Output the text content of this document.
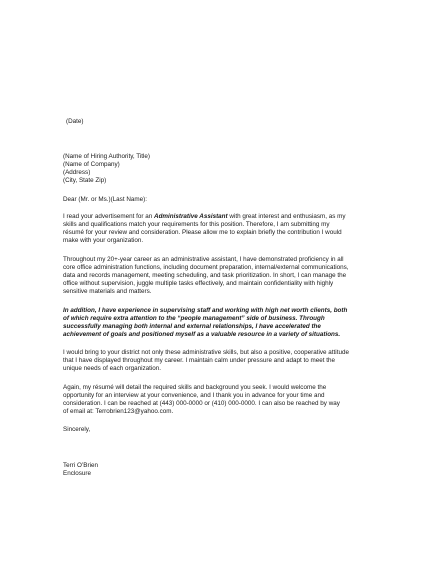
(Date)

(Name of Hiring Authority, Title)

(Name of Company)

(Address)

(City, State Zip)

Dear (Mr. or Ms.)(Last Name):

I read your advertisement for an Administrative Assistant with great interest and enthusiasm, as my

skills and qualifications match your requirements for this position. Therefore, I am submitting my

résumé for your review and consideration. Please allow me to explain briefly the contribution I would

make with your organization.

Throughout my 20+-year career as an administrative assistant, I have demonstrated proficiency in all

core office administration functions, including document preparation, internal/external communications,

data and records management, meeting scheduling, and task prioritization. In short, I can manage the

office without supervision, juggle multiple tasks effectively, and maintain confidentiality with highly

sensitive materials and matters.

In addition, I have experience in supervising staff and working with high net worth clients, both

of which require extra attention to the “people management” side of business. Through

successfully managing both internal and external relationships, I have accelerated the

achievement of goals and positioned myself as a valuable resource in a variety of situations.

I would bring to your district not only these administrative skills, but also a positive, cooperative attitude

that I have displayed throughout my career. I maintain calm under pressure and adapt to meet the

unique needs of each organization.

Again, my résumé will detail the required skills and background you seek. I would welcome the

opportunity for an interview at your convenience, and I thank you in advance for your time and

consideration. I can be reached at (443) 000-0000 or (410) 000-0000. I can also be reached by way

of email at: Terrobrien123@yahoo.com.

Sincerely,

Terri O’Brien

Enclosure
